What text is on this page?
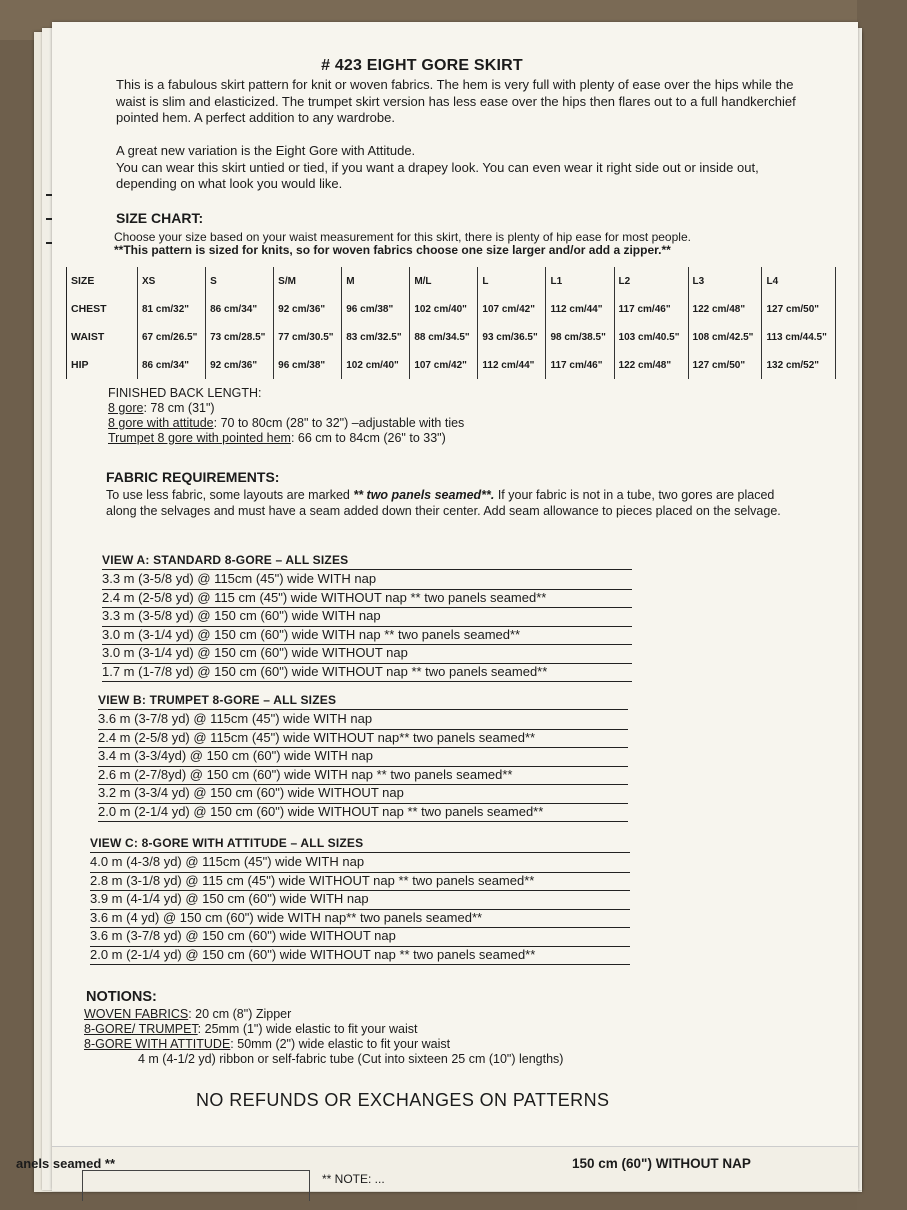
# 423 EIGHT GORE SKIRT

This is a fabulous skirt pattern for knit or woven fabrics. The hem is very full with plenty of ease over the hips while the waist is slim and elasticized. The trumpet skirt version has less ease over the hips then flares out to a full handkerchief pointed hem. A perfect addition to any wardrobe.

A great new variation is the Eight Gore with Attitude.
You can wear this skirt untied or tied, if you want a drapey look. You can even wear it right side out or inside out, depending on what look you would like.
SIZE CHART:
Choose your size based on your waist measurement for this skirt, there is plenty of hip ease for most people.
**This pattern is sized for knits, so for woven fabrics choose one size larger and/or add a zipper.**
SIZE	XS	S	S/M	M	M/L	L	L1	L2	L3	L4
CHEST	81 cm/32"	86 cm/34"	92 cm/36"	96 cm/38"	102 cm/40"	107 cm/42"	112 cm/44"	117 cm/46"	122 cm/48"	127 cm/50"
WAIST	67 cm/26.5"	73 cm/28.5"	77 cm/30.5"	83 cm/32.5"	88 cm/34.5"	93 cm/36.5"	98 cm/38.5"	103 cm/40.5"	108 cm/42.5"	113 cm/44.5"
HIP	86 cm/34"	92 cm/36"	96 cm/38"	102 cm/40"	107 cm/42"	112 cm/44"	117 cm/46"	122 cm/48"	127 cm/50"	132 cm/52"
FINISHED BACK LENGTH:
8 gore: 78 cm (31")
8 gore with attitude: 70 to 80cm (28" to 32") –adjustable with ties
Trumpet 8 gore with pointed hem: 66 cm to 84cm (26" to 33")
FABRIC REQUIREMENTS:

To use less fabric, some layouts are marked ** two panels seamed**. If your fabric is not in a tube, two gores are placed along the selvages and must have a seam added down their center. Add seam allowance to pieces placed on the selvage.

VIEW A: STANDARD 8-GORE – ALL SIZES
3.3 m (3-5/8 yd) @ 115cm (45") wide WITH nap
2.4 m (2-5/8 yd) @ 115 cm (45") wide WITHOUT nap ** two panels seamed**
3.3 m (3-5/8 yd) @ 150 cm (60") wide WITH nap
3.0 m (3-1/4 yd) @ 150 cm (60") wide WITH nap ** two panels seamed**
3.0 m (3-1/4 yd) @ 150 cm (60") wide WITHOUT nap
1.7 m (1-7/8 yd) @ 150 cm (60") wide WITHOUT nap ** two panels seamed**
VIEW B: TRUMPET 8-GORE – ALL SIZES
3.6 m (3-7/8 yd) @ 115cm (45") wide WITH nap
2.4 m (2-5/8 yd) @ 115cm (45") wide WITHOUT nap** two panels seamed**
3.4 m (3-3/4yd) @ 150 cm (60") wide WITH nap
2.6 m (2-7/8yd) @ 150 cm (60") wide WITH nap ** two panels seamed**
3.2 m (3-3/4 yd) @ 150 cm (60") wide WITHOUT nap
2.0 m (2-1/4 yd) @ 150 cm (60") wide WITHOUT nap ** two panels seamed**
VIEW C: 8-GORE WITH ATTITUDE – ALL SIZES
4.0 m (4-3/8 yd) @ 115cm (45") wide WITH nap
2.8 m (3-1/8 yd) @ 115 cm (45") wide WITHOUT nap ** two panels seamed**
3.9 m (4-1/4 yd) @ 150 cm (60") wide WITH nap
3.6 m (4 yd) @ 150 cm (60") wide WITH nap** two panels seamed**
3.6 m (3-7/8 yd) @ 150 cm (60") wide WITHOUT nap
2.0 m (2-1/4 yd) @ 150 cm (60") wide WITHOUT nap ** two panels seamed**
NOTIONS:
WOVEN FABRICS: 20 cm (8") Zipper
8-GORE/ TRUMPET: 25mm (1") wide elastic to fit your waist
8-GORE WITH ATTITUDE: 50mm (2") wide elastic to fit your waist
4 m (4-1/2 yd) ribbon or self-fabric tube (Cut into sixteen 25 cm (10") lengths)
NO REFUNDS OR EXCHANGES ON PATTERNS
anels seamed **
** NOTE: ...
150 cm (60") WITHOUT NAP
